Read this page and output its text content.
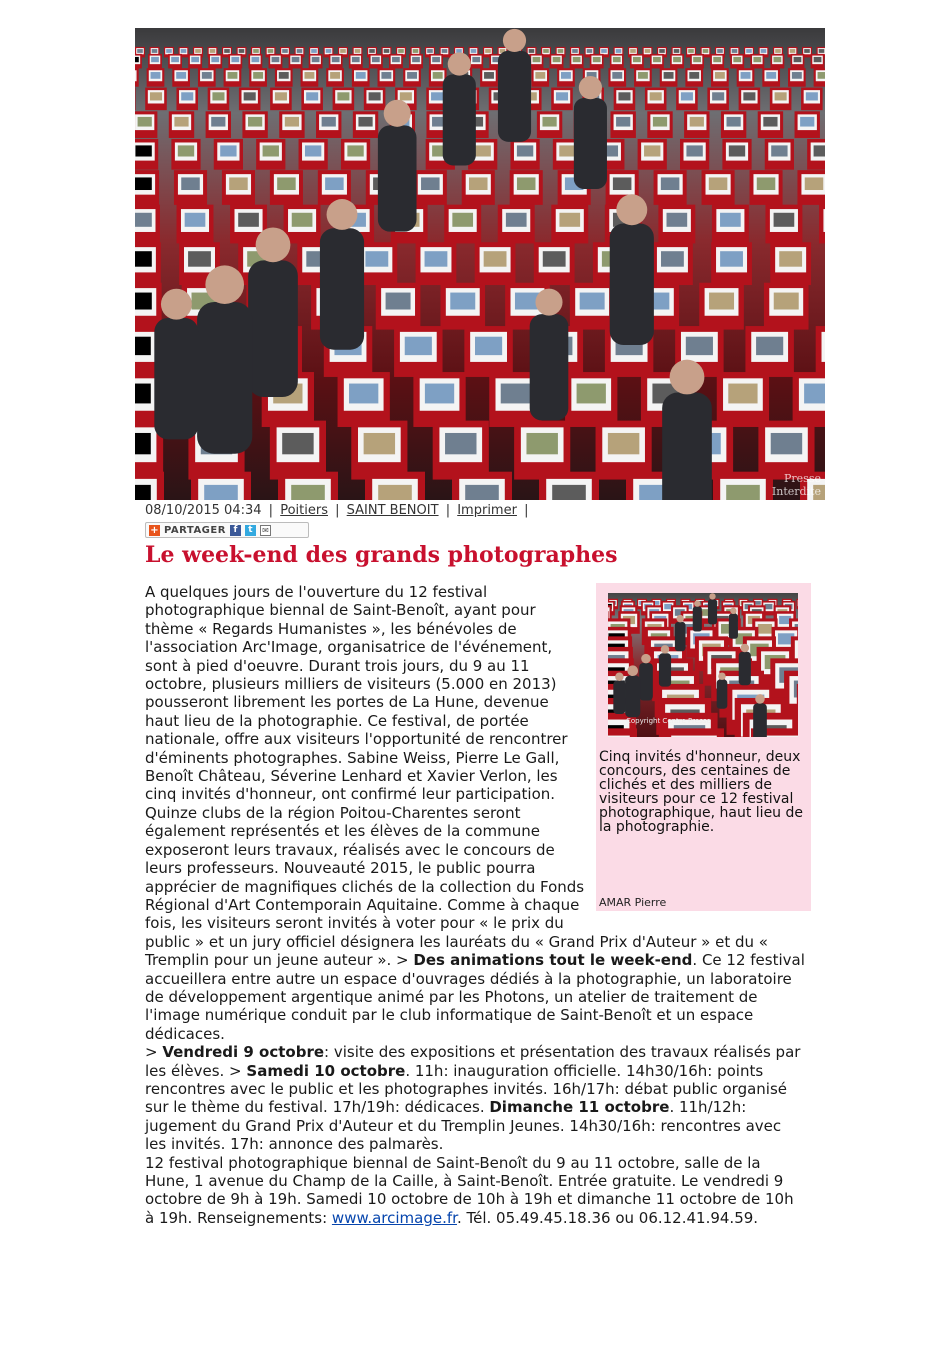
Presse
Interdite
08/10/2015 04:34 | Poitiers | SAINT BENOIT | Imprimer |
+ PARTAGER f	t	✉
Le week-end des grands photographes
Copyright Centre Presse
Cinq invités d'honneur, deux concours, des centaines de clichés et des milliers de visiteurs pour ce 12 festival photographique, haut lieu de la photographie.
AMAR Pierre

A quelques jours de l'ouverture du 12 festival photographique biennal de Saint-Benoît, ayant pour thème « Regards Humanistes », les bénévoles de l'association Arc'Image, organisatrice de l'événement, sont à pied d'oeuvre. Durant trois jours, du 9 au 11 octobre, plusieurs milliers de visiteurs (5.000 en 2013) pousseront librement les portes de La Hune, devenue haut lieu de la photographie. Ce festival, de portée nationale, offre aux visiteurs l'opportunité de rencontrer d'éminents photographes. Sabine Weiss, Pierre Le Gall, Benoît Château, Séverine Lenhard et Xavier Verlon, les cinq invités d'honneur, ont confirmé leur participation. Quinze clubs de la région Poitou-Charentes seront également représentés et les élèves de la commune exposeront leurs travaux, réalisés avec le concours de leurs professeurs. Nouveauté 2015, le public pourra apprécier de magnifiques clichés de la collection du Fonds Régional d'Art Contemporain Aquitaine. Comme à chaque fois, les visiteurs seront invités à voter pour « le prix du public » et un jury officiel désignera les lauréats du « Grand Prix d'Auteur » et du « Tremplin pour un jeune auteur ». > Des animations tout le week-end. Ce 12 festival accueillera entre autre un espace d'ouvrages dédiés à la photographie, un laboratoire de développement argentique animé par les Photons, un atelier de traitement de l'image numérique conduit par le club informatique de Saint-Benoît et un espace dédicaces.

> Vendredi 9 octobre: visite des expositions et présentation des travaux réalisés par les élèves. > Samedi 10 octobre. 11h: inauguration officielle. 14h30/16h: points rencontres avec le public et les photographes invités. 16h/17h: débat public organisé sur le thème du festival. 17h/19h: dédicaces. Dimanche 11 octobre. 11h/12h: jugement du Grand Prix d'Auteur et du Tremplin Jeunes. 14h30/16h: rencontres avec les invités. 17h: annonce des palmarès.

12 festival photographique biennal de Saint-Benoît du 9 au 11 octobre, salle de la Hune, 1 avenue du Champ de la Caille, à Saint-Benoît. Entrée gratuite. Le vendredi 9 octobre de 9h à 19h. Samedi 10 octobre de 10h à 19h et dimanche 11 octobre de 10h à 19h. Renseignements: www.arcimage.fr. Tél. 05.49.45.18.36 ou 06.12.41.94.59.
